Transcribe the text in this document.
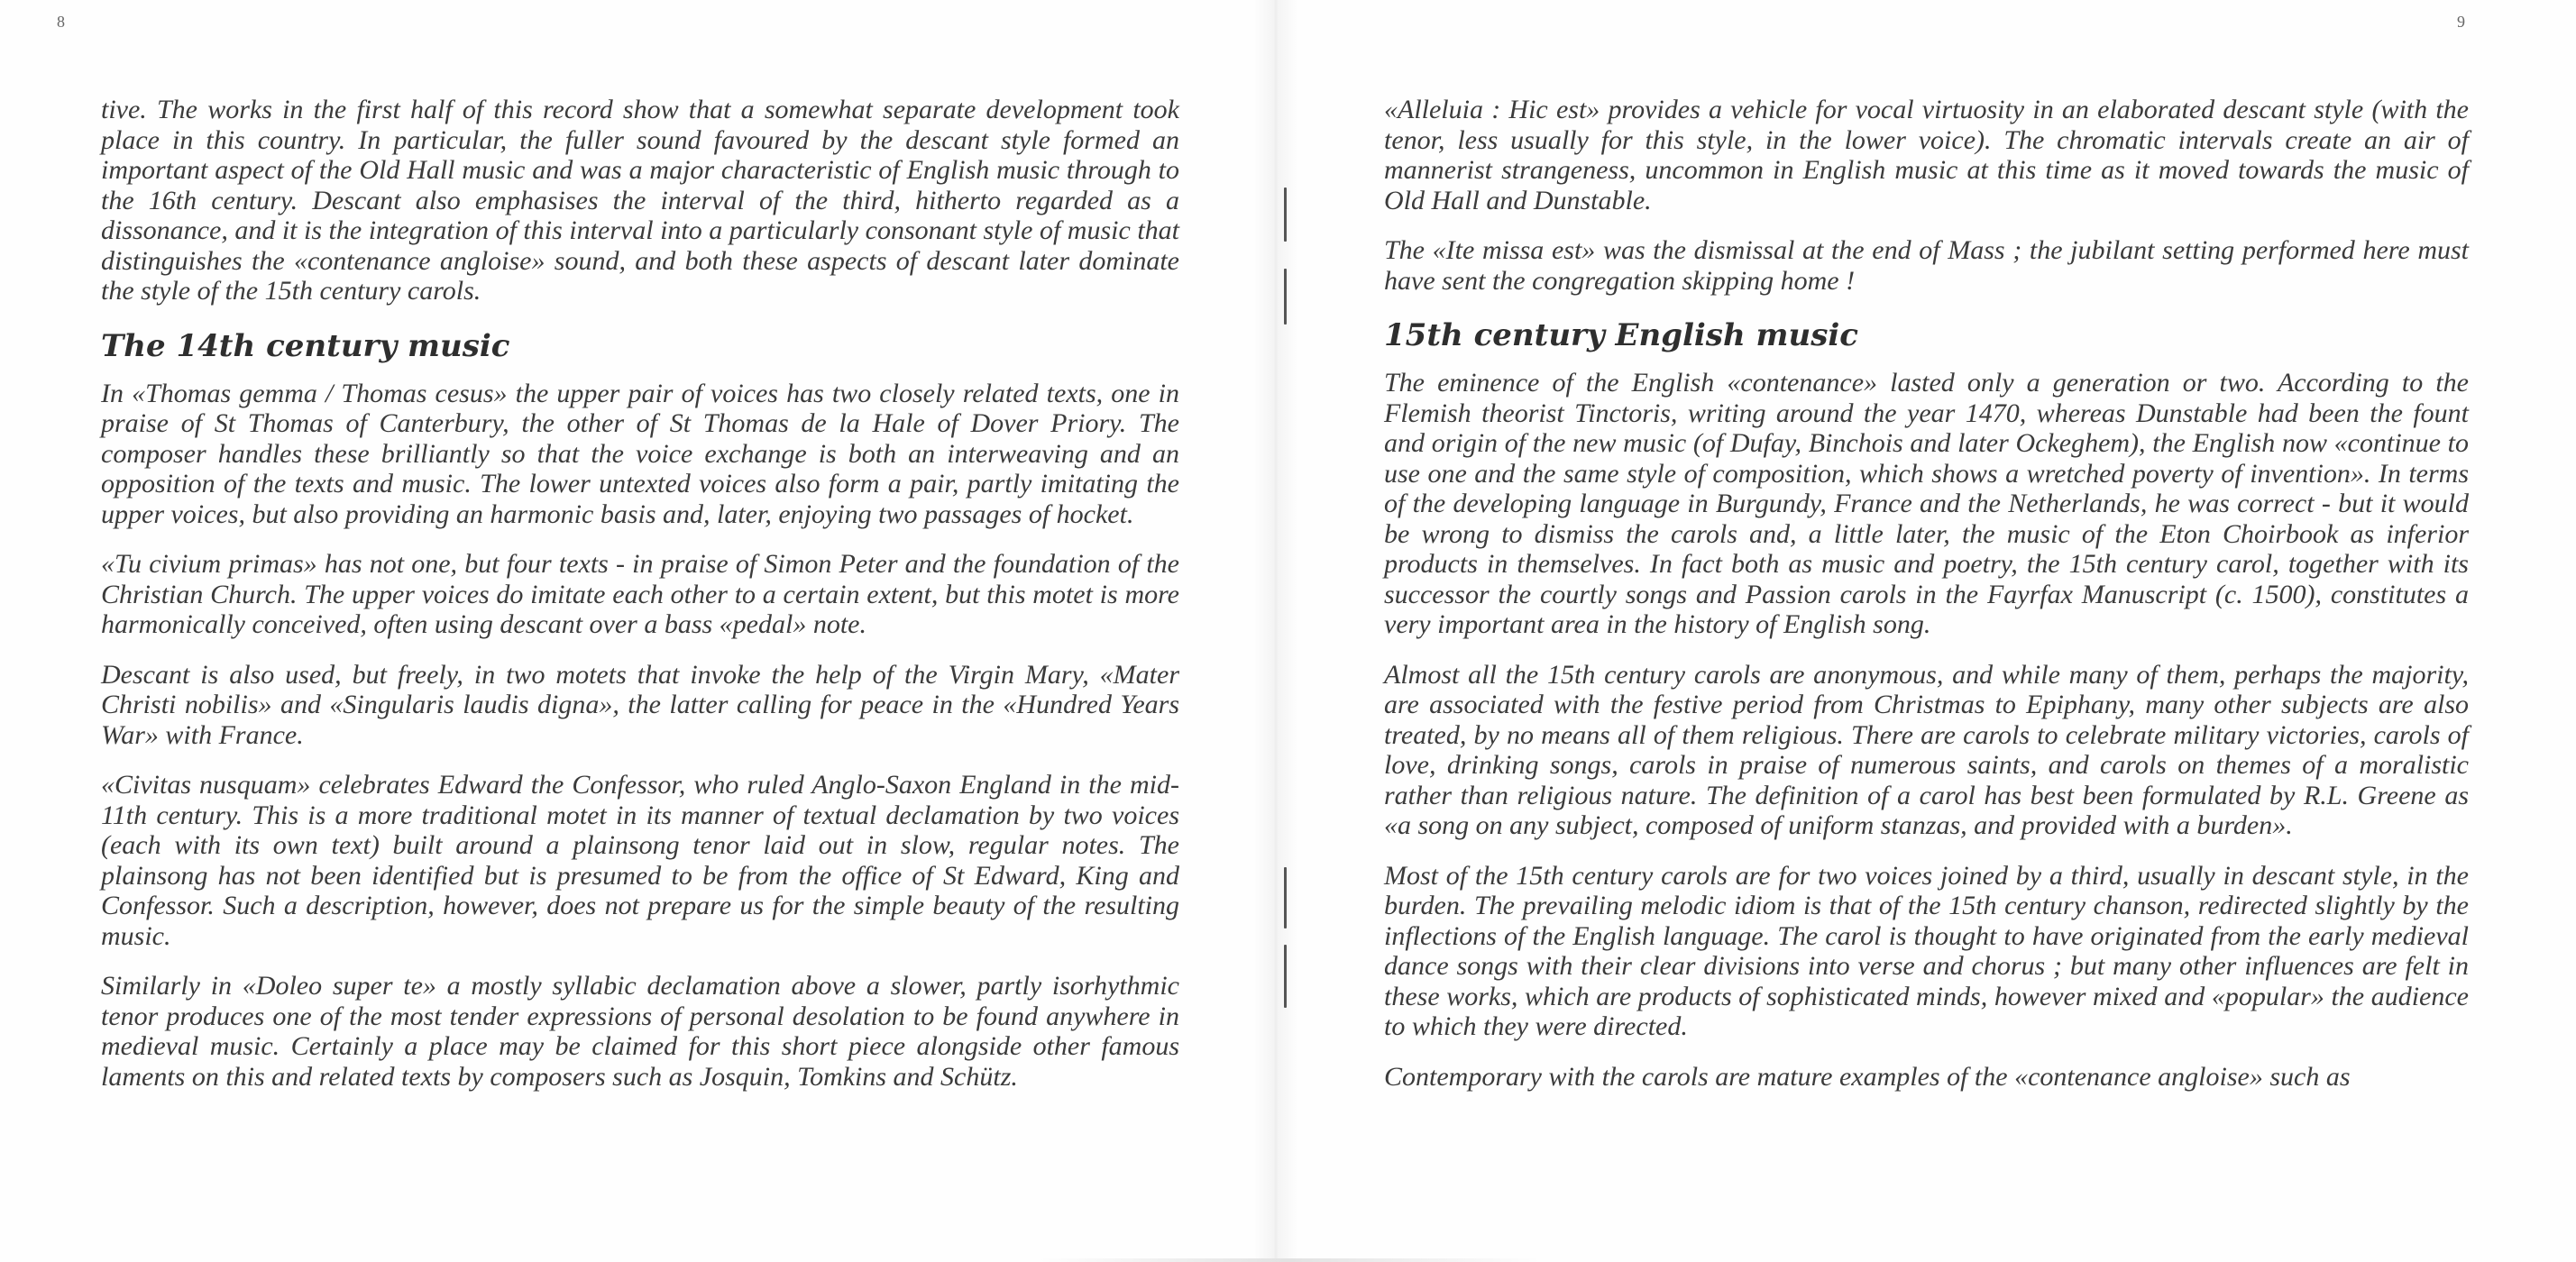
8

tive. The works in the first half of this record show that a somewhat separate development took place in this country. In particular, the fuller sound favoured by the descant style formed an important aspect of the Old Hall music and was a major characteristic of English music through to the 16th century. Descant also emphasises the interval of the third, hitherto regarded as a dissonance, and it is the integration of this interval into a particularly consonant style of music that distinguishes the «contenance angloise» sound, and both these aspects of descant later dominate the style of the 15th century carols.

The 14th century music

In «Thomas gemma / Thomas cesus» the upper pair of voices has two closely related texts, one in praise of St Thomas of Canterbury, the other of St Thomas de la Hale of Dover Priory. The composer handles these brilliantly so that the voice exchange is both an interweaving and an opposition of the texts and music. The lower untexted voices also form a pair, partly imitating the upper voices, but also providing an harmonic basis and, later, enjoying two passages of hocket.

«Tu civium primas» has not one, but four texts - in praise of Simon Peter and the foundation of the Christian Church. The upper voices do imitate each other to a certain extent, but this motet is more harmonically conceived, often using descant over a bass «pedal» note.

Descant is also used, but freely, in two motets that invoke the help of the Virgin Mary, «Mater Christi nobilis» and «Singularis laudis digna», the latter calling for peace in the «Hundred Years War» with France.

«Civitas nusquam» celebrates Edward the Confessor, who ruled Anglo-Saxon England in the mid-11th century. This is a more traditional motet in its manner of textual declamation by two voices (each with its own text) built around a plainsong tenor laid out in slow, regular notes. The plainsong has not been identified but is presumed to be from the office of St Edward, King and Confessor. Such a description, however, does not prepare us for the simple beauty of the resulting music.

Similarly in «Doleo super te» a mostly syllabic declamation above a slower, partly isorhythmic tenor produces one of the most tender expressions of personal desolation to be found anywhere in medieval music. Certainly a place may be claimed for this short piece alongside other famous laments on this and related texts by composers such as Josquin, Tomkins and Schütz.

9

«Alleluia : Hic est» provides a vehicle for vocal virtuosity in an elaborated descant style (with the tenor, less usually for this style, in the lower voice). The chromatic intervals create an air of mannerist strangeness, uncommon in English music at this time as it moved towards the music of Old Hall and Dunstable.

The «Ite missa est» was the dismissal at the end of Mass ; the jubilant setting performed here must have sent the congregation skipping home !

15th century English music

The eminence of the English «contenance» lasted only a generation or two. According to the Flemish theorist Tinctoris, writing around the year 1470, whereas Dunstable had been the fount and origin of the new music (of Dufay, Binchois and later Ockeghem), the English now «continue to use one and the same style of composition, which shows a wretched poverty of invention». In terms of the developing language in Burgundy, France and the Netherlands, he was correct - but it would be wrong to dismiss the carols and, a little later, the music of the Eton Choirbook as inferior products in themselves. In fact both as music and poetry, the 15th century carol, together with its successor the courtly songs and Passion carols in the Fayrfax Manuscript (c. 1500), constitutes a very important area in the history of English song.

Almost all the 15th century carols are anonymous, and while many of them, perhaps the majority, are associated with the festive period from Christmas to Epiphany, many other subjects are also treated, by no means all of them religious. There are carols to celebrate military victories, carols of love, drinking songs, carols in praise of numerous saints, and carols on themes of a moralistic rather than religious nature. The definition of a carol has best been formulated by R.L. Greene as «a song on any subject, composed of uniform stanzas, and provided with a burden».

Most of the 15th century carols are for two voices joined by a third, usually in descant style, in the burden. The prevailing melodic idiom is that of the 15th century chanson, redirected slightly by the inflections of the English language. The carol is thought to have originated from the early medieval dance songs with their clear divisions into verse and chorus ; but many other influences are felt in these works, which are products of sophisticated minds, however mixed and «popular» the audience to which they were directed.

Contemporary with the carols are mature examples of the «contenance angloise» such as
